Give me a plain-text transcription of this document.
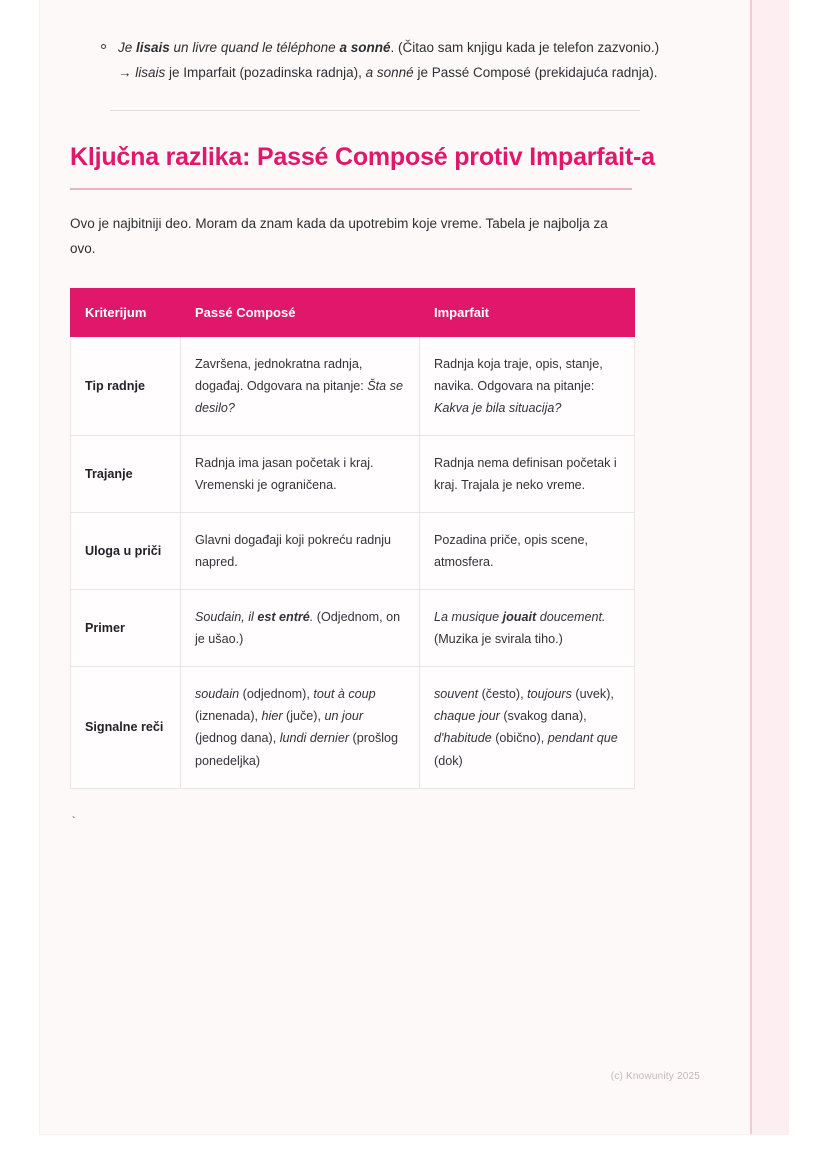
Je lisais un livre quand le téléphone a sonné. (Čitao sam knjigu kada je telefon zazvonio.) → lisais je Imparfait (pozadinska radnja), a sonné je Passé Composé (prekidajuća radnja).
Ključna razlika: Passé Composé protiv Imparfait-a

Ovo je najbitniji deo. Moram da znam kada da upotrebim koje vreme. Tabela je najbolja za ovo.

Kriterijum	Passé Composé	Imparfait
Tip radnje	Završena, jednokratna radnja, događaj. Odgovara na pitanje: Šta se desilo?	Radnja koja traje, opis, stanje, navika. Odgovara na pitanje: Kakva je bila situacija?
Trajanje	Radnja ima jasan početak i kraj. Vremenski je ograničena.	Radnja nema definisan početak i kraj. Trajala je neko vreme.
Uloga u priči	Glavni događaji koji pokreću radnju napred.	Pozadina priče, opis scene, atmosfera.
Primer	Soudain, il est entré. (Odjednom, on je ušao.)	La musique jouait doucement. (Muzika je svirala tiho.)
Signalne reči	soudain (odjednom), tout à coup (iznenada), hier (juče), un jour (jednog dana), lundi dernier (prošlog ponedeljka)	souvent (često), toujours (uvek), chaque jour (svakog dana), d'habitude (obično), pendant que (dok)

`

(c) Knowunity 2025
